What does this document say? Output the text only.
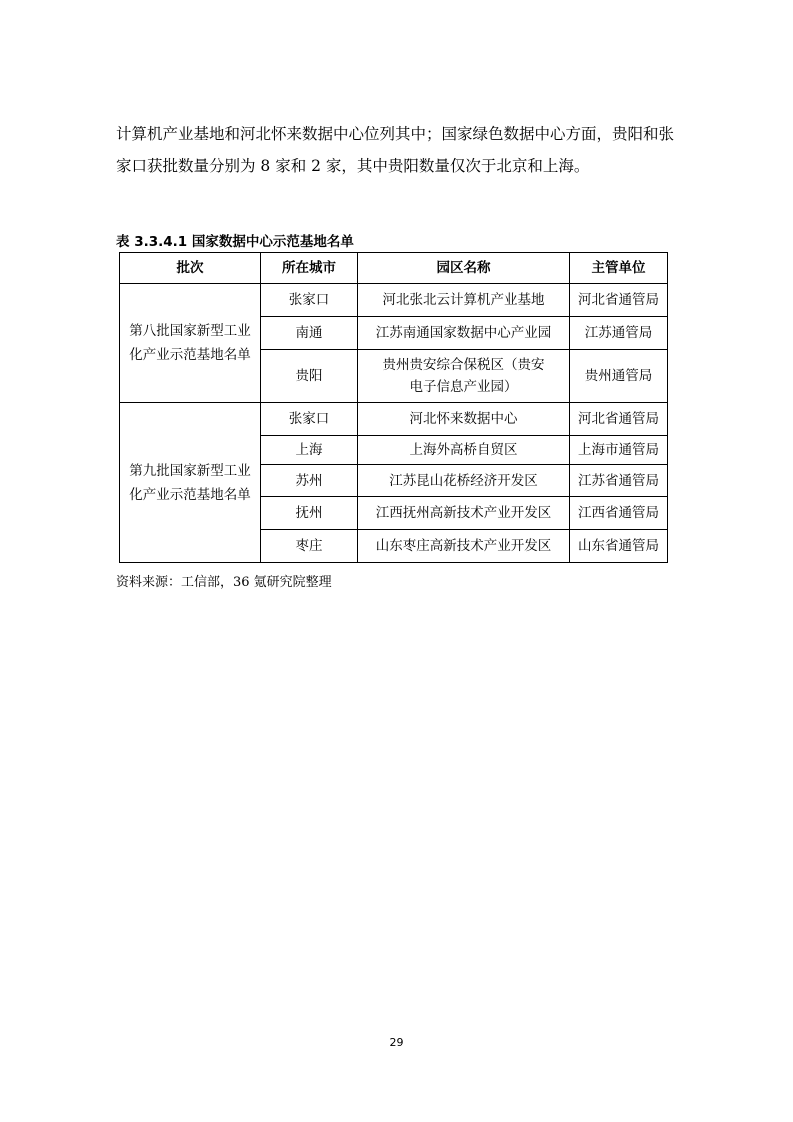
计算机产业基地和河北怀来数据中心位列其中；国家绿色数据中心方面，贵阳和张
家口获批数量分别为 8 家和 2 家，其中贵阳数量仅次于北京和上海。

表 3.3.4.1 国家数据中心示范基地名单
批次	所在城市	园区名称	主管单位
第八批国家新型工业化产业示范基地名单	张家口	河北张北云计算机产业基地	河北省通管局
	南通	江苏南通国家数据中心产业园	江苏通管局
	贵阳	贵州贵安综合保税区（贵安电子信息产业园）	贵州通管局
第九批国家新型工业化产业示范基地名单	张家口	河北怀来数据中心	河北省通管局
	上海	上海外高桥自贸区	上海市通管局
	苏州	江苏昆山花桥经济开发区	江苏省通管局
	抚州	江西抚州高新技术产业开发区	江西省通管局
	枣庄	山东枣庄高新技术产业开发区	山东省通管局
资料来源：工信部，36 氪研究院整理
29
